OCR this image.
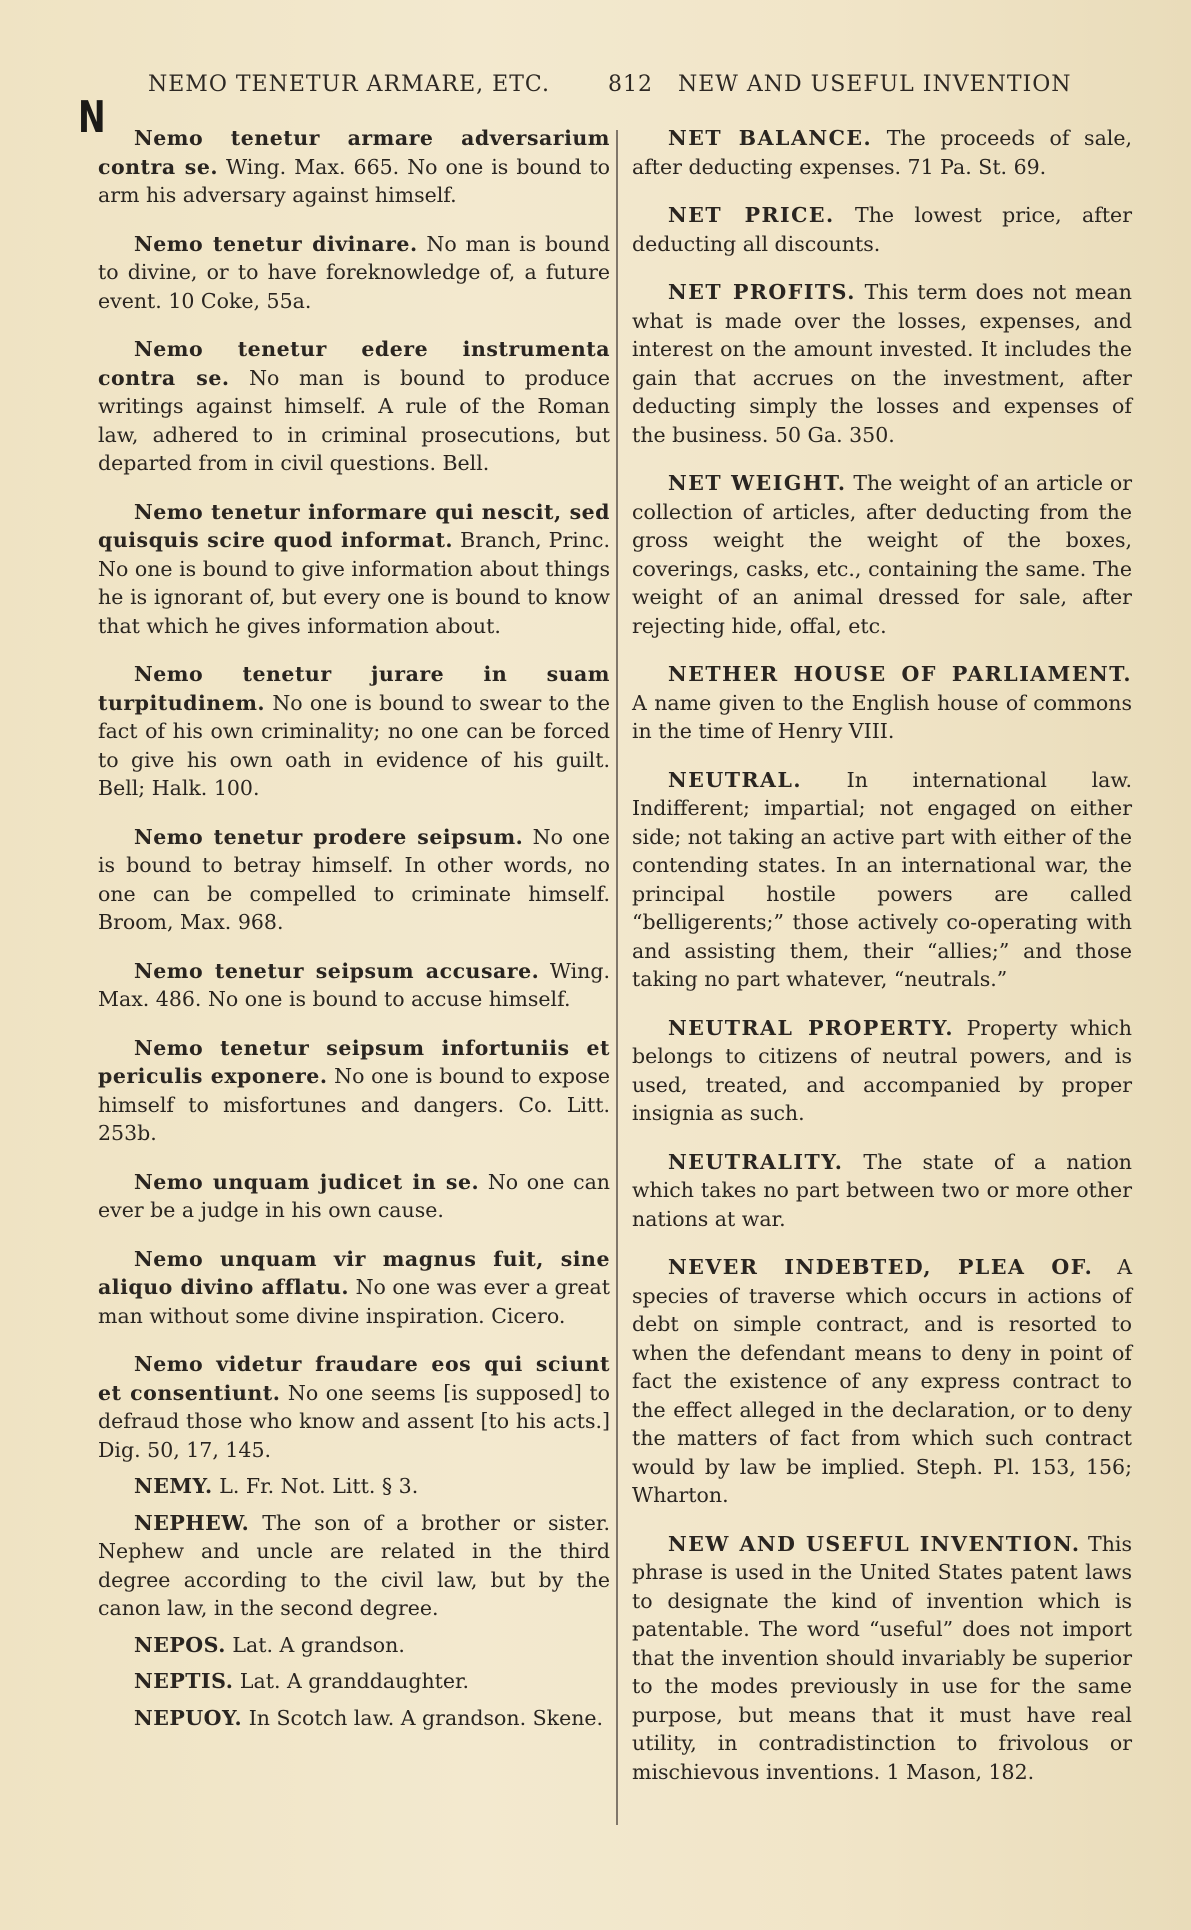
NEMO TENETUR ARMARE, ETC.	812 NEW AND USEFUL INVENTION
N	Nemo tenetur armare adversarium contra se. Wing. Max. 665. No one is bound to arm his adversary against himself.

Nemo tenetur divinare. No man is bound to divine, or to have foreknowledge of, a future event. 10 Coke, 55a.

Nemo tenetur edere instrumenta contra se. No man is bound to produce writings against himself. A rule of the Roman law, adhered to in criminal prosecutions, but departed from in civil questions. Bell.

Nemo tenetur informare qui nescit, sed quisquis scire quod informat. Branch, Princ. No one is bound to give information about things he is ignorant of, but every one is bound to know that which he gives information about.

Nemo tenetur jurare in suam turpitudinem. No one is bound to swear to the fact of his own criminality; no one can be forced to give his own oath in evidence of his guilt. Bell; Halk. 100.

Nemo tenetur prodere seipsum. No one is bound to betray himself. In other words, no one can be compelled to criminate himself. Broom, Max. 968.

Nemo tenetur seipsum accusare. Wing. Max. 486. No one is bound to accuse himself.

Nemo tenetur seipsum infortuniis et periculis exponere. No one is bound to expose himself to misfortunes and dangers. Co. Litt. 253b.

Nemo unquam judicet in se. No one can ever be a judge in his own cause.

Nemo unquam vir magnus fuit, sine aliquo divino afflatu. No one was ever a great man without some divine inspiration. Cicero.

Nemo videtur fraudare eos qui sciunt et consentiunt. No one seems [is supposed] to defraud those who know and assent [to his acts.] Dig. 50, 17, 145.

NEMY. L. Fr. Not. Litt. § 3.

NEPHEW. The son of a brother or sister. Nephew and uncle are related in the third degree according to the civil law, but by the canon law, in the second degree.

NEPOS. Lat. A grandson.

NEPTIS. Lat. A granddaughter.

NEPUOY. In Scotch law. A grandson. Skene.

NET BALANCE. The proceeds of sale, after deducting expenses. 71 Pa. St. 69.

NET PRICE. The lowest price, after deducting all discounts.

NET PROFITS. This term does not mean what is made over the losses, expenses, and interest on the amount invested. It includes the gain that accrues on the investment, after deducting simply the losses and expenses of the business. 50 Ga. 350.

NET WEIGHT. The weight of an article or collection of articles, after deducting from the gross weight the weight of the boxes, coverings, casks, etc., containing the same. The weight of an animal dressed for sale, after rejecting hide, offal, etc.

NETHER HOUSE OF PARLIAMENT. A name given to the English house of commons in the time of Henry VIII.

NEUTRAL. In international law. Indifferent; impartial; not engaged on either side; not taking an active part with either of the contending states. In an international war, the principal hostile powers are called “belligerents;” those actively co-operating with and assisting them, their “allies;” and those taking no part whatever, “neutrals.”

NEUTRAL PROPERTY. Property which belongs to citizens of neutral powers, and is used, treated, and accompanied by proper insignia as such.

NEUTRALITY. The state of a nation which takes no part between two or more other nations at war.

NEVER INDEBTED, PLEA OF. A species of traverse which occurs in actions of debt on simple contract, and is resorted to when the defendant means to deny in point of fact the existence of any express contract to the effect alleged in the declaration, or to deny the matters of fact from which such contract would by law be implied. Steph. Pl. 153, 156; Wharton.

NEW AND USEFUL INVENTION. This phrase is used in the United States patent laws to designate the kind of invention which is patentable. The word “useful” does not import that the invention should invariably be superior to the modes previously in use for the same purpose, but means that it must have real utility, in contradistinction to frivolous or mischievous inventions. 1 Mason, 182.
